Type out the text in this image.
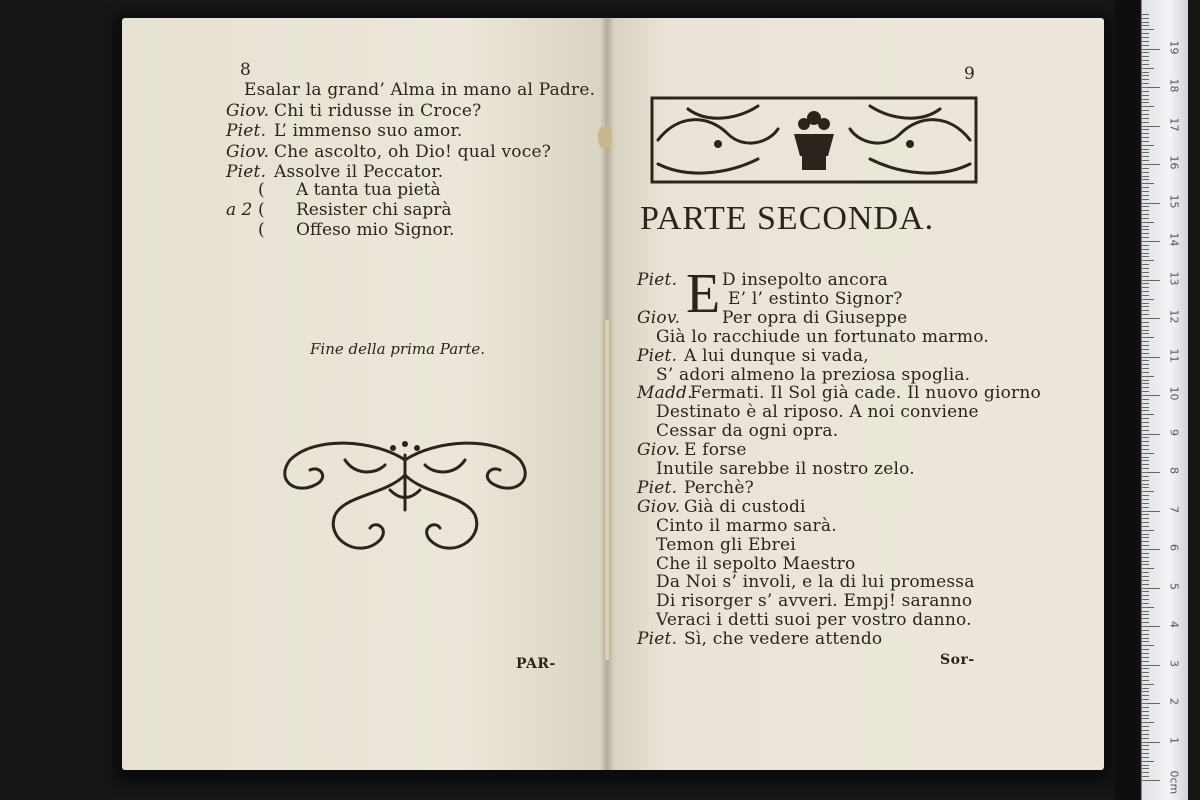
8
Esalar la grand’ Alma in mano al Padre.
Giov. Chi ti ridusse in Croce?
Piet. L’ immenso suo amor.
Giov. Che ascolto, oh Dio! qual voce?
Piet. Assolve il Peccator.
(
(
(
a 2
A tanta tua pietà
Resister chi saprà
Offeso mio Signor.
Fine della prima Parte.
PAR-
9
PARTE SECONDA.
E
Piet.	D insepolto ancora
E’ l’ estinto Signor?
Giov. Per opra di Giuseppe
Già lo racchiude un fortunato marmo.
Piet. A lui dunque si vada,
S’ adori almeno la preziosa spoglia.
Madd.
Fermati. Il Sol già cade. Il nuovo giorno
Destinato è al riposo. A noi conviene
Cessar da ogni opra.
Giov. E forse
Inutile sarebbe il nostro zelo.
Piet. Perchè?
Giov. Già di custodi
Cinto il marmo sarà.
Temon gli Ebrei
Che il sepolto Maestro
Da Noi s’ involi, e la di lui promessa
Di risorger s’ avveri. Empj! saranno
Veraci i detti suoi per vostro danno.
Piet. Sì, che vedere attendo
Sor-
0cm
1
2
3
4
5
6
7
8
9
10
11
12
13
14
15
16
17
18
19
